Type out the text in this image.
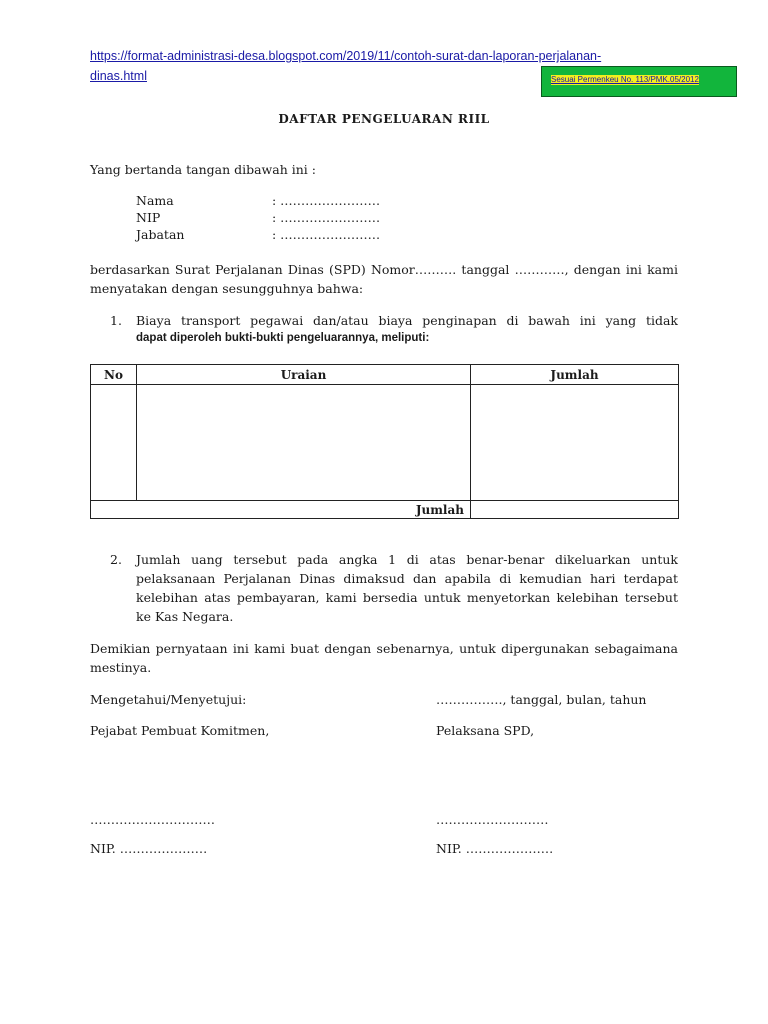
https://format-administrasi-desa.blogspot.com/2019/11/contoh-surat-dan-laporan-perjalanan-dinas.html	Sesuai Permenkeu No. 113/PMK.05/2012
DAFTAR PENGELUARAN RIIL
Yang bertanda tangan dibawah ini :
Nama	: ……………………
NIP	: ……………………
Jabatan	: ……………………
berdasarkan Surat Perjalanan Dinas (SPD) Nomor………. tanggal …………, dengan ini kami menyatakan dengan sesungguhnya bahwa:
1. Biaya transport pegawai dan/atau biaya penginapan di bawah ini yang tidak
dapat diperoleh bukti-bukti pengeluarannya, meliputi:
No	Uraian	Jumlah

Jumlah		
2. Jumlah uang tersebut pada angka 1 di atas benar-benar dikeluarkan untuk pelaksanaan Perjalanan Dinas dimaksud dan apabila di kemudian hari terdapat kelebihan atas pembayaran, kami bersedia untuk menyetorkan kelebihan tersebut ke Kas Negara.
Demikian pernyataan ini kami buat dengan sebenarnya, untuk dipergunakan sebagaimana mestinya.
Mengetahui/Menyetujui:	……………., tanggal, bulan, tahun
Pejabat Pembuat Komitmen,	Pelaksana SPD,
…………………………	………………………
NIP. …………………	NIP. …………………
